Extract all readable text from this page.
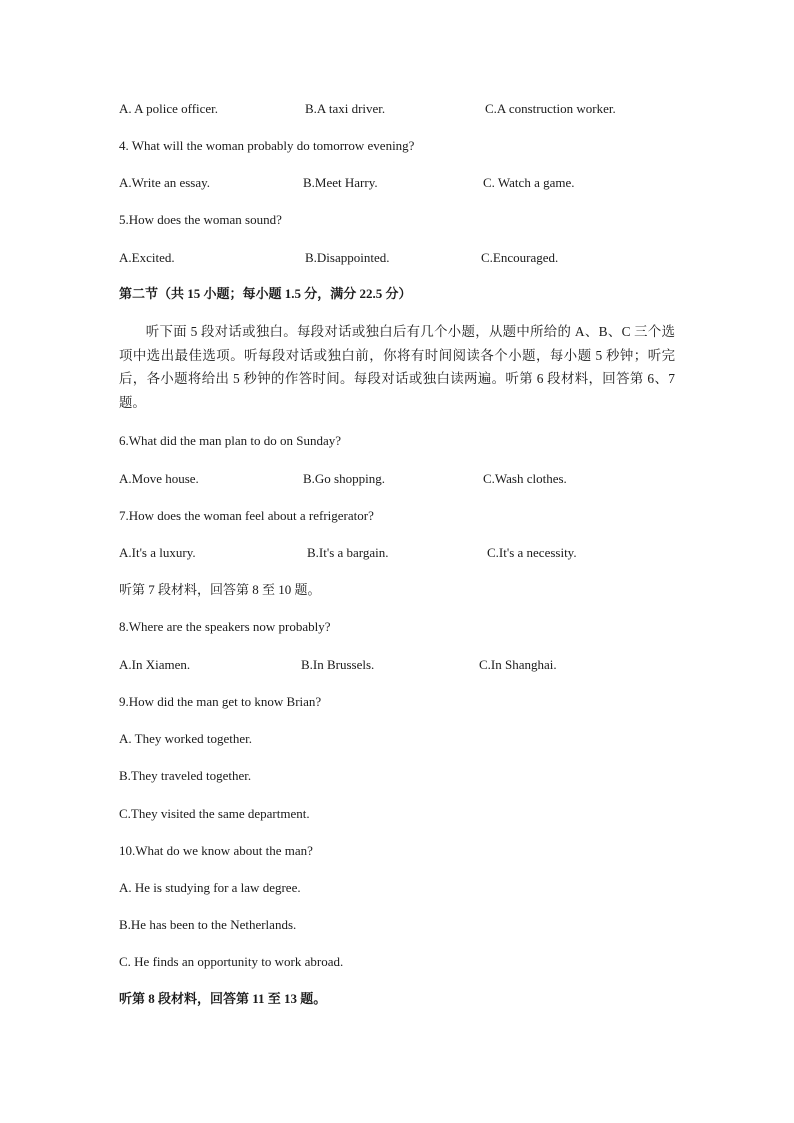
A. A police officer.	B.A taxi driver.	C.A construction worker.
4. What will the woman probably do tomorrow evening?
A.Write an essay.	B.Meet Harry.	C. Watch a game.
5.How does the woman sound?
A.Excited.	B.Disappointed.	C.Encouraged.
第二节（共 15 小题；每小题 1.5 分，满分 22.5 分）

听下面 5 段对话或独白。每段对话或独白后有几个小题，从题中所给的 A、B、C 三个选项中选出最佳选项。听每段对话或独白前，你将有时间阅读各个小题，每小题 5 秒钟；听完后，各小题将给出 5 秒钟的作答时间。每段对话或独白读两遍。听第 6 段材料，回答第 6、7 题。

6.What did the man plan to do on Sunday?
A.Move house.	B.Go shopping.	C.Wash clothes.
7.How does the woman feel about a refrigerator?
A.It's a luxury.	B.It's a bargain.	C.It's a necessity.
听第 7 段材料，回答第 8 至 10 题。
8.Where are the speakers now probably?
A.In Xiamen.	B.In Brussels.	C.In Shanghai.
9.How did the man get to know Brian?
A. They worked together.
B.They traveled together.
C.They visited the same department.
10.What do we know about the man?
A. He is studying for a law degree.
B.He has been to the Netherlands.
C. He finds an opportunity to work abroad.
听第 8 段材料，回答第 11 至 13 题。
